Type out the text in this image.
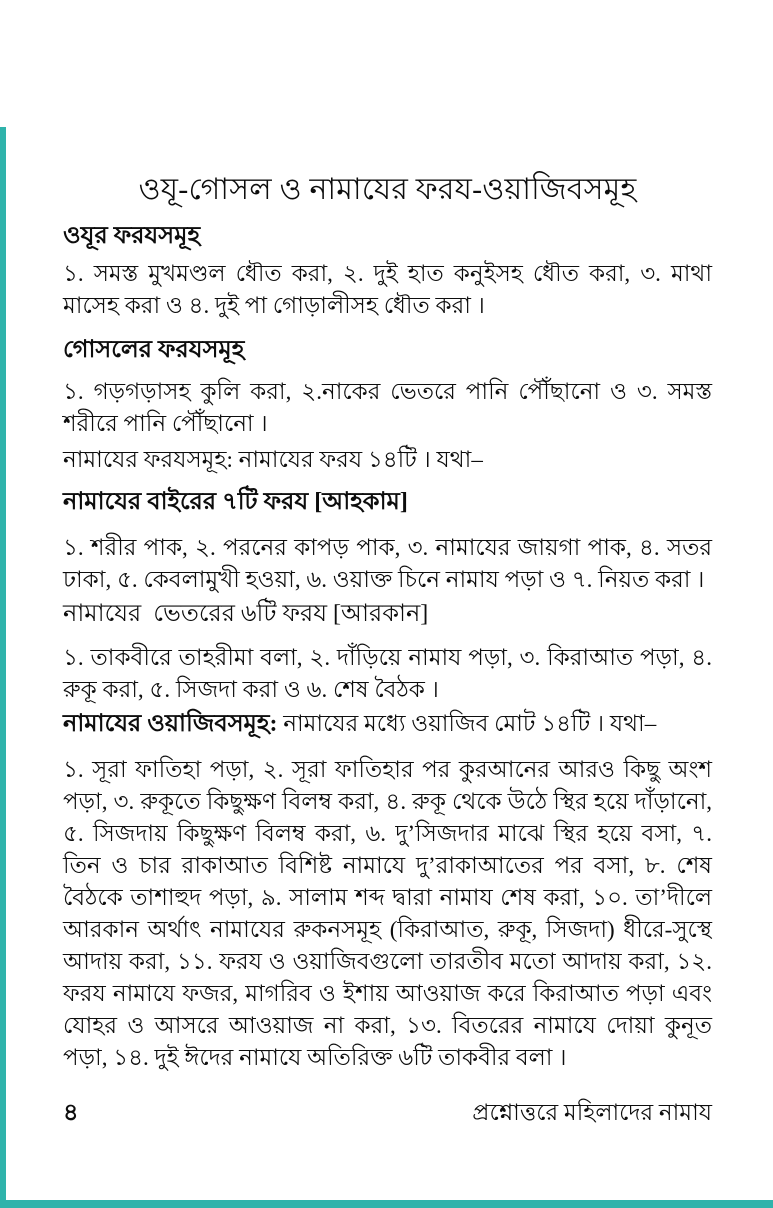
ওযূ-গোসল ও নামাযের ফরয-ওয়াজিবসমূহ
ওযূর ফরযসমূহ

১. সমস্ত মুখমণ্ডল ধৌত করা, ২. দুই হাত কনুইসহ ধৌত করা, ৩. মাথা মাসেহ করা ও ৪. দুই পা গোড়ালীসহ ধৌত করা ।

গোসলের ফরযসমূহ

১. গড়গড়াসহ কুলি করা, ২.নাকের ভেতরে পানি পৌঁছানো ও ৩. সমস্ত শরীরে পানি পৌঁছানো ।

নামাযের ফরযসমূহ: নামাযের ফরয ১৪টি । যথা–
নামাযের বাইরের ৭টি ফরয [আহকাম]

১. শরীর পাক, ২. পরনের কাপড় পাক, ৩. নামাযের জায়গা পাক, ৪. সতর ঢাকা, ৫. কেবলামুখী হওয়া, ৬. ওয়াক্ত চিনে নামায পড়া ও ৭. নিয়ত করা ।

নামাযের  ভেতরের ৬টি ফরয [আরকান]

১. তাকবীরে তাহরীমা বলা, ২. দাঁড়িয়ে নামায পড়া, ৩. কিরাআত পড়া, ৪. রুকূ করা, ৫. সিজদা করা ও ৬. শেষ বৈঠক ।

নামাযের ওয়াজিবসমূহ: নামাযের মধ্যে ওয়াজিব মোট ১৪টি । যথা–

১. সূরা ফাতিহা পড়া, ২. সূরা ফাতিহার পর কুরআনের আরও কিছু অংশ পড়া, ৩. রুকূতে কিছুক্ষণ বিলম্ব করা, ৪. রুকূ থেকে উঠে স্থির হয়ে দাঁড়ানো, ৫. সিজদায় কিছুক্ষণ বিলম্ব করা, ৬. দু’সিজদার মাঝে স্থির হয়ে বসা, ৭. তিন ও চার রাকাআত বিশিষ্ট নামাযে দু’রাকাআতের পর বসা, ৮. শেষ বৈঠকে তাশাহুদ পড়া, ৯. সালাম শব্দ দ্বারা নামায শেষ করা, ১০. তা’দীলে আরকান অর্থাৎ নামাযের রুকনসমূহ (কিরাআত, রুকূ, সিজদা) ধীরে-সুস্থে আদায় করা, ১১. ফরয ও ওয়াজিবগুলো তারতীব মতো আদায় করা, ১২. ফরয নামাযে ফজর, মাগরিব ও ইশায় আওয়াজ করে কিরাআত পড়া এবং যোহর ও আসরে আওয়াজ না করা, ১৩. বিতরের নামাযে দোয়া কুনূত পড়া, ১৪. দুই ঈদের নামাযে অতিরিক্ত ৬টি তাকবীর বলা ।

৪	প্রশ্নোত্তরে মহিলাদের নামায
